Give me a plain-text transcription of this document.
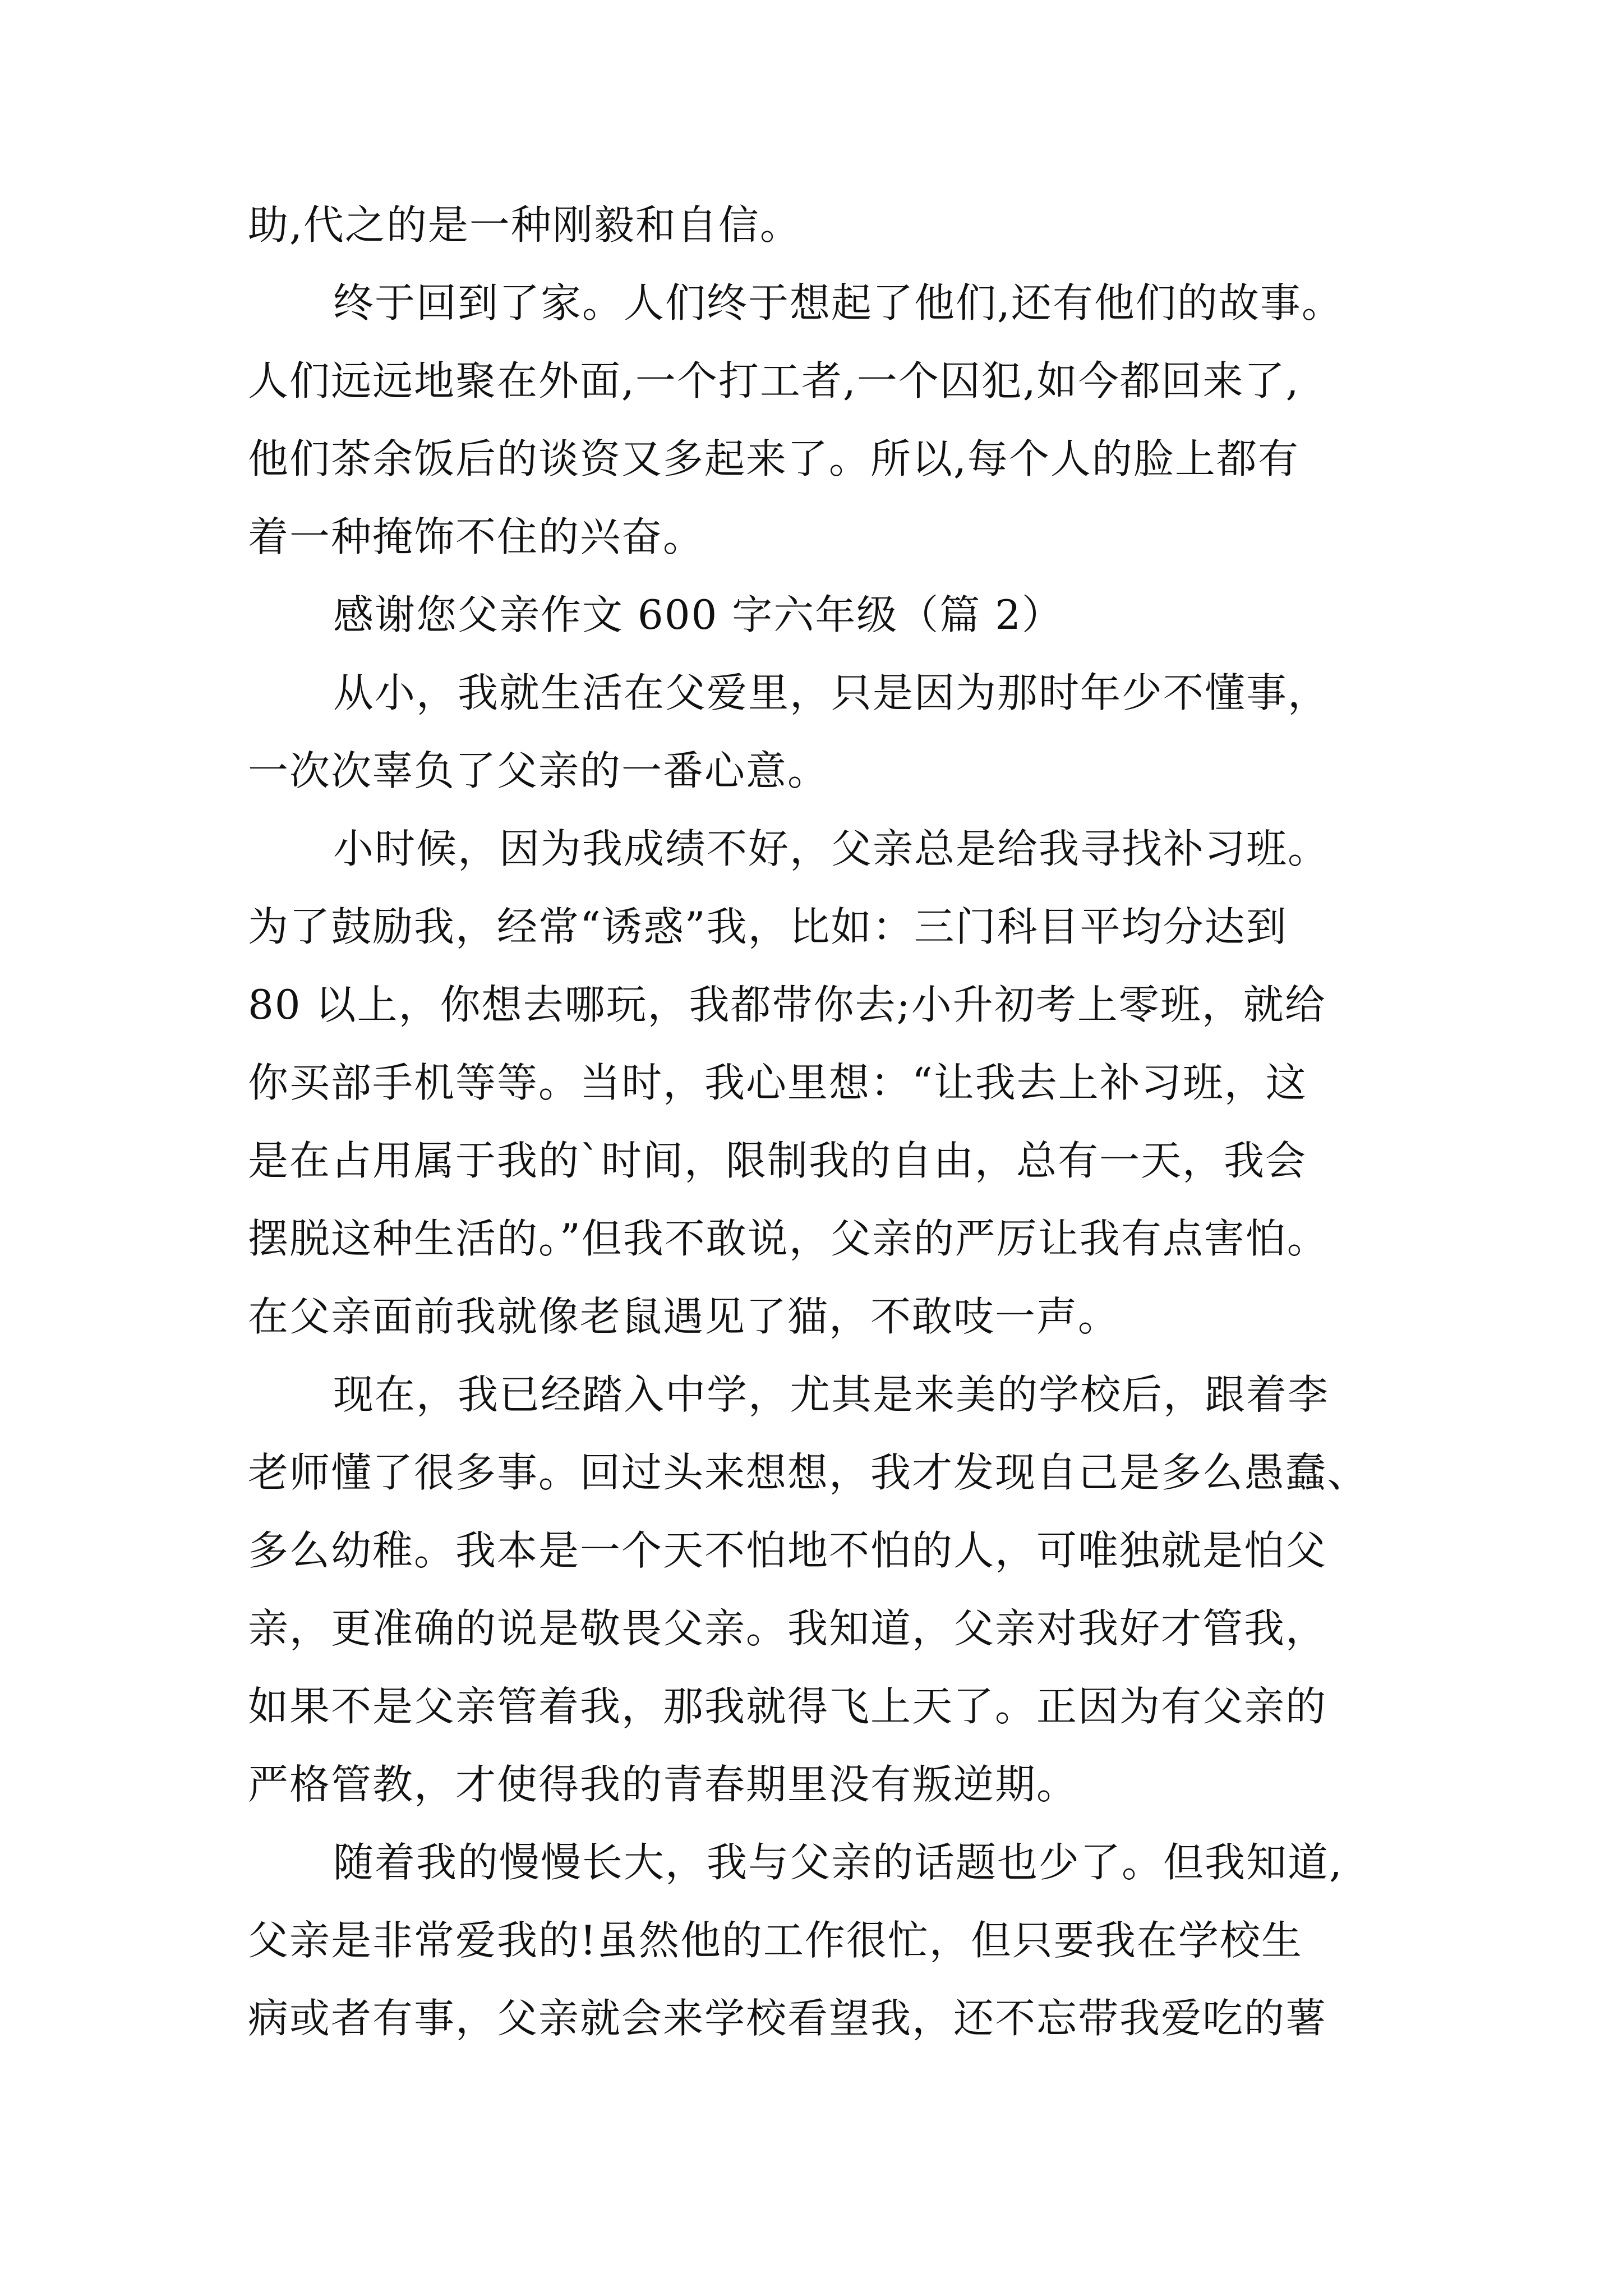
助,代之的是一种刚毅和自信。
终于回到了家。人们终于想起了他们,还有他们的故事。
人们远远地聚在外面,一个打工者,一个囚犯,如今都回来了,
他们茶余饭后的谈资又多起来了。所以,每个人的脸上都有
着一种掩饰不住的兴奋。
感谢您父亲作文 600 字六年级（篇 2）
从小，我就生活在父爱里，只是因为那时年少不懂事，
一次次辜负了父亲的一番心意。
小时候，因为我成绩不好，父亲总是给我寻找补习班。
为了鼓励我，经常“诱惑”我，比如：三门科目平均分达到
80 以上，你想去哪玩，我都带你去;小升初考上零班，就给
你买部手机等等。当时，我心里想：“让我去上补习班，这
是在占用属于我的`时间，限制我的自由，总有一天，我会
摆脱这种生活的。”但我不敢说，父亲的严厉让我有点害怕。
在父亲面前我就像老鼠遇见了猫，不敢吱一声。
现在，我已经踏入中学，尤其是来美的学校后，跟着李
老师懂了很多事。回过头来想想，我才发现自己是多么愚蠢、
多么幼稚。我本是一个天不怕地不怕的人，可唯独就是怕父
亲，更准确的说是敬畏父亲。我知道，父亲对我好才管我，
如果不是父亲管着我，那我就得飞上天了。正因为有父亲的
严格管教，才使得我的青春期里没有叛逆期。
随着我的慢慢长大，我与父亲的话题也少了。但我知道,
父亲是非常爱我的!虽然他的工作很忙，但只要我在学校生
病或者有事，父亲就会来学校看望我，还不忘带我爱吃的薯
